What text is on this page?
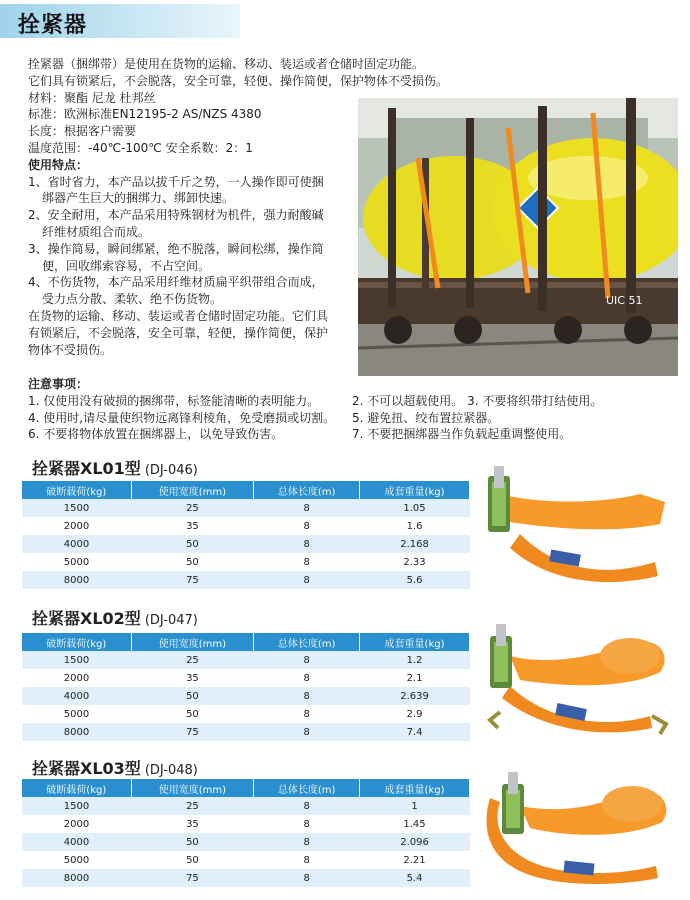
拴紧器
拴紧器（捆绑带）是使用在货物的运输、移动、装运或者仓储时固定功能。
它们具有锁紧后，不会脱落，安全可靠，轻便、操作简便，保护物体不受损伤。
材料：聚酯 尼龙 杜邦丝
标准：欧洲标准EN12195-2 AS/NZS 4380
长度：根据客户需要
温度范围：-40℃-100℃ 安全系数：2：1
使用特点：
1、省时省力，本产品以拔千斤之势，一人操作即可使捆
绑器产生巨大的捆绑力、绑卸快速。
2、安全耐用，本产品采用特殊钢材为机件，强力耐酸碱
纤维材质组合而成。
3、操作简易，瞬间绑紧，绝不脱落，瞬间松绑，操作简
便，回收绑索容易，不占空间。
4、不伤货物，本产品采用纤维材质扁平织带组合而成，
受力点分散、柔软、绝不伤货物。
在货物的运输、移动、装运或者仓储时固定功能。它们具
有锁紧后，不会脱落，安全可靠，轻便，操作简便，保护
物体不受损伤。
UIC 51
注意事项：
1. 仅使用没有破损的捆绑带，标签能清晰的表明能力。
4. 使用时,请尽量使织物远离锋利棱角，免受磨损或切割。
6. 不要将物体放置在捆绑器上，以免导致伤害。
2. 不可以超载使用。 3. 不要将织带打结使用。
5. 避免扭、绞布置拉紧器。
7. 不要把捆绑器当作负载起重调整使用。
拴紧器XL01型 (DJ-046)
破断载荷(kg)	使用宽度(mm)	总体长度(m)	成套重量(kg)
1500	25	8	1.05
2000	35	8	1.6
4000	50	8	2.168
5000	50	8	2.33
8000	75	8	5.6
拴紧器XL02型 (DJ-047)
破断载荷(kg)	使用宽度(mm)	总体长度(m)	成套重量(kg)
1500	25	8	1.2
2000	35	8	2.1
4000	50	8	2.639
5000	50	8	2.9
8000	75	8	7.4
拴紧器XL03型 (DJ-048)
破断载荷(kg)	使用宽度(mm)	总体长度(m)	成套重量(kg)
1500	25	8	1
2000	35	8	1.45
4000	50	8	2.096
5000	50	8	2.21
8000	75	8	5.4
